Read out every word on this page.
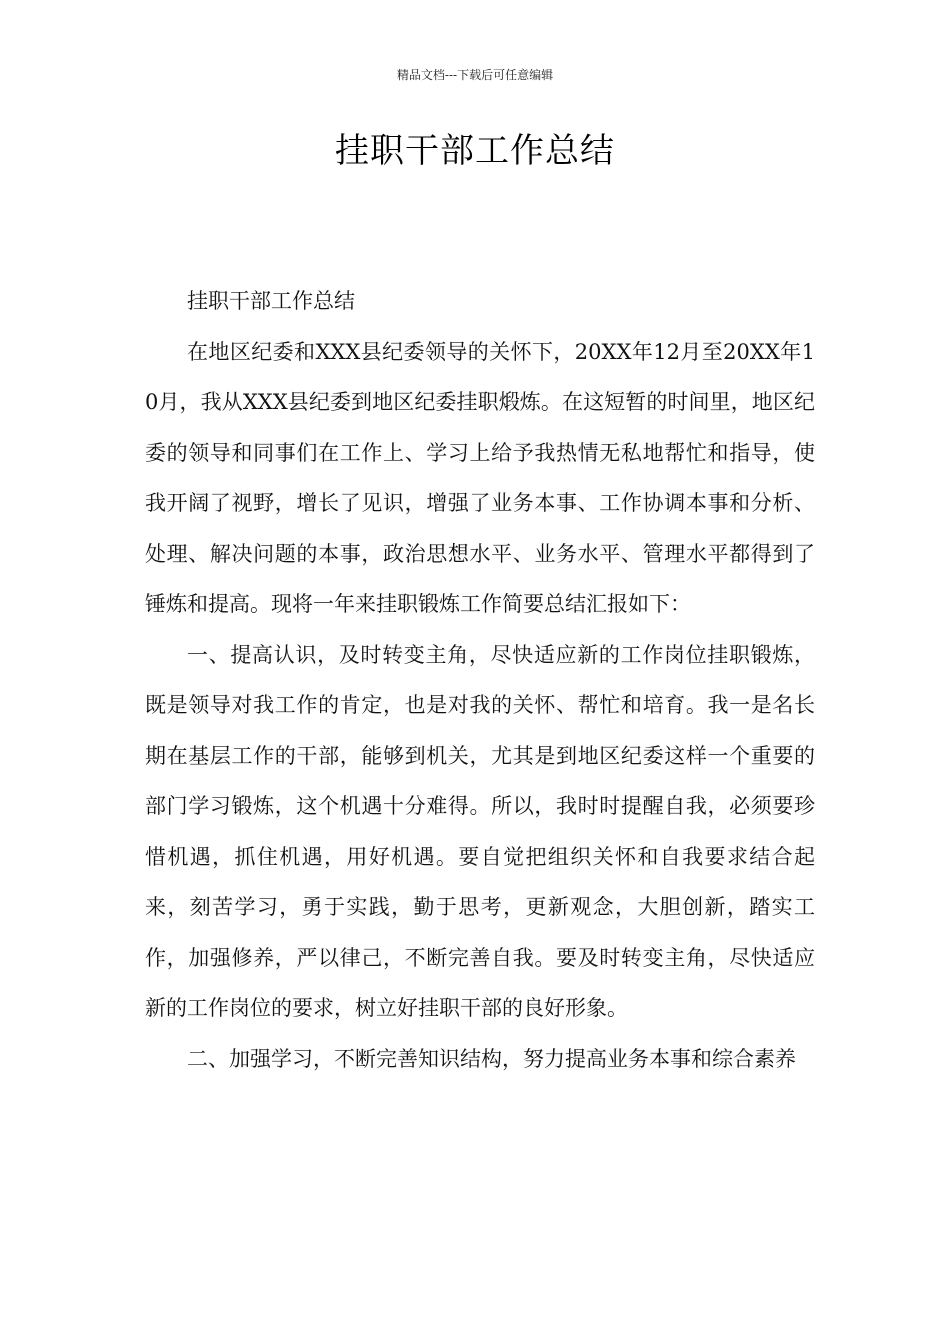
精品文档---下载后可任意编辑
挂职干部工作总结

挂职干部工作总结

在地区纪委和XXX县纪委领导的关怀下，20XX年12月至20XX年10月，我从XXX县纪委到地区纪委挂职煅炼。在这短暂的时间里，地区纪委的领导和同事们在工作上、学习上给予我热情无私地帮忙和指导，使我开阔了视野，增长了见识，增强了业务本事、工作协调本事和分析、处理、解决问题的本事，政治思想水平、业务水平、管理水平都得到了锤炼和提高。现将一年来挂职锻炼工作简要总结汇报如下：

一、提高认识，及时转变主角，尽快适应新的工作岗位挂职锻炼，既是领导对我工作的肯定，也是对我的关怀、帮忙和培育。我一是名长期在基层工作的干部，能够到机关，尤其是到地区纪委这样一个重要的部门学习锻炼，这个机遇十分难得。所以，我时时提醒自我，必须要珍惜机遇，抓住机遇，用好机遇。要自觉把组织关怀和自我要求结合起来，刻苦学习，勇于实践，勤于思考，更新观念，大胆创新，踏实工作，加强修养，严以律己，不断完善自我。要及时转变主角，尽快适应新的工作岗位的要求，树立好挂职干部的良好形象。

二、加强学习，不断完善知识结构，努力提高业务本事和综合素养
